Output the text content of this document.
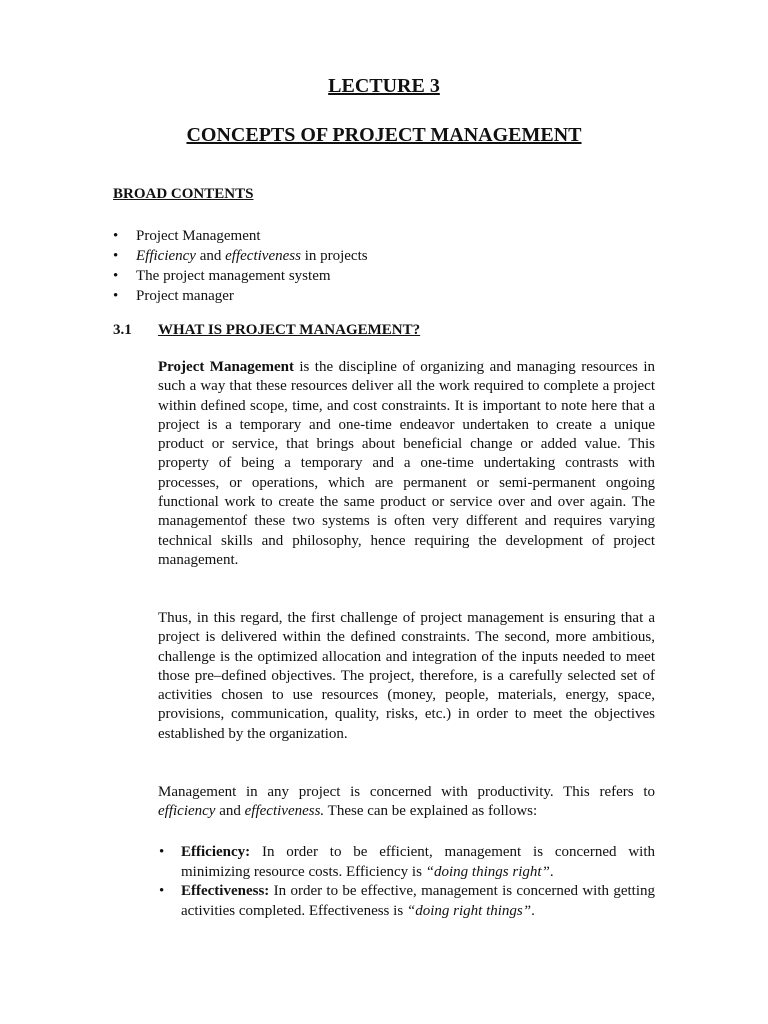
LECTURE 3
CONCEPTS OF PROJECT MANAGEMENT
BROAD CONTENTS
• Project Management
• Efficiency and effectiveness in projects
• The project management system
• Project manager
3.1 WHAT IS PROJECT MANAGEMENT?

Project Management is the discipline of organizing and managing resources in such a way that these resources deliver all the work required to complete a project within defined scope, time, and cost constraints. It is important to note here that a project is a temporary and one-time endeavor undertaken to create a unique product or service, that brings about beneficial change or added value. This property of being a temporary and a one-time undertaking contrasts with processes, or operations, which are permanent or semi-permanent ongoing functional work to create the same product or service over and over again. The managementof these two systems is often very different and requires varying technical skills and philosophy, hence requiring the development of project management.

Thus, in this regard, the first challenge of project management is ensuring that a project is delivered within the defined constraints. The second, more ambitious, challenge is the optimized allocation and integration of the inputs needed to meet those pre–defined objectives. The project, therefore, is a carefully selected set of activities chosen to use resources (money, people, materials, energy, space, provisions, communication, quality, risks, etc.) in order to meet the objectives established by the organization.

Management in any project is concerned with productivity. This refers to efficiency and effectiveness. These can be explained as follows:

• Efficiency: In order to be efficient, management is concerned with minimizing resource costs. Efficiency is “doing things right”.
• Effectiveness: In order to be effective, management is concerned with getting activities completed. Effectiveness is “doing right things”.
